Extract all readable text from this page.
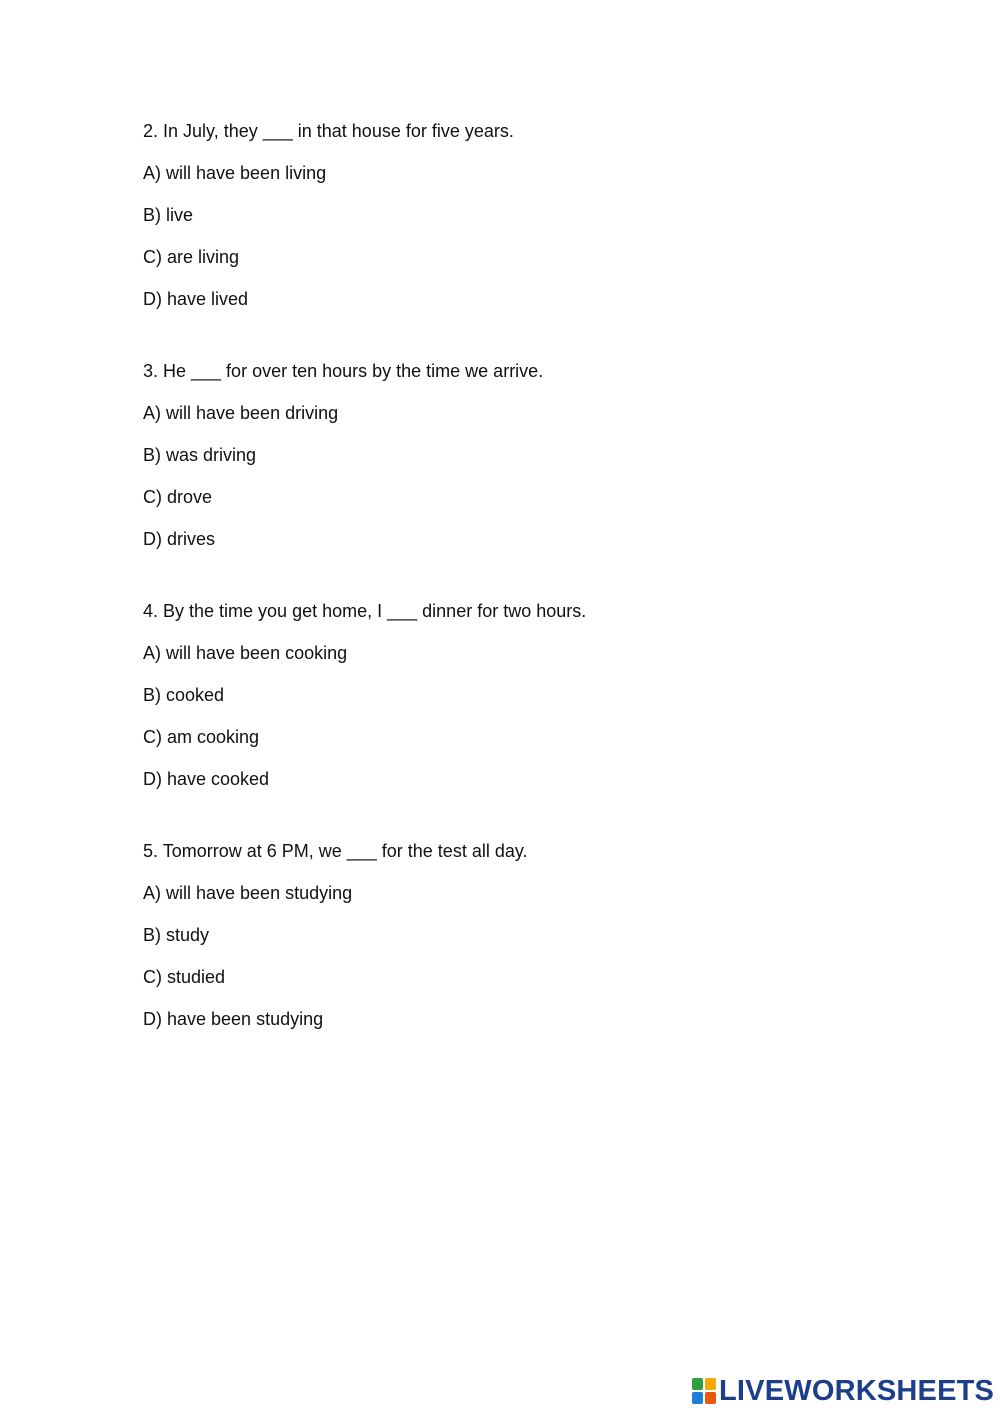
2. In July, they ___ in that house for five years.
A) will have been living
B) live
C) are living
D) have lived
3. He ___ for over ten hours by the time we arrive.
A) will have been driving
B) was driving
C) drove
D) drives
4. By the time you get home, I ___ dinner for two hours.
A) will have been cooking
B) cooked
C) am cooking
D) have cooked
5. Tomorrow at 6 PM, we ___ for the test all day.
A) will have been studying
B) study
C) studied
D) have been studying
LIVEWORKSHEETS
